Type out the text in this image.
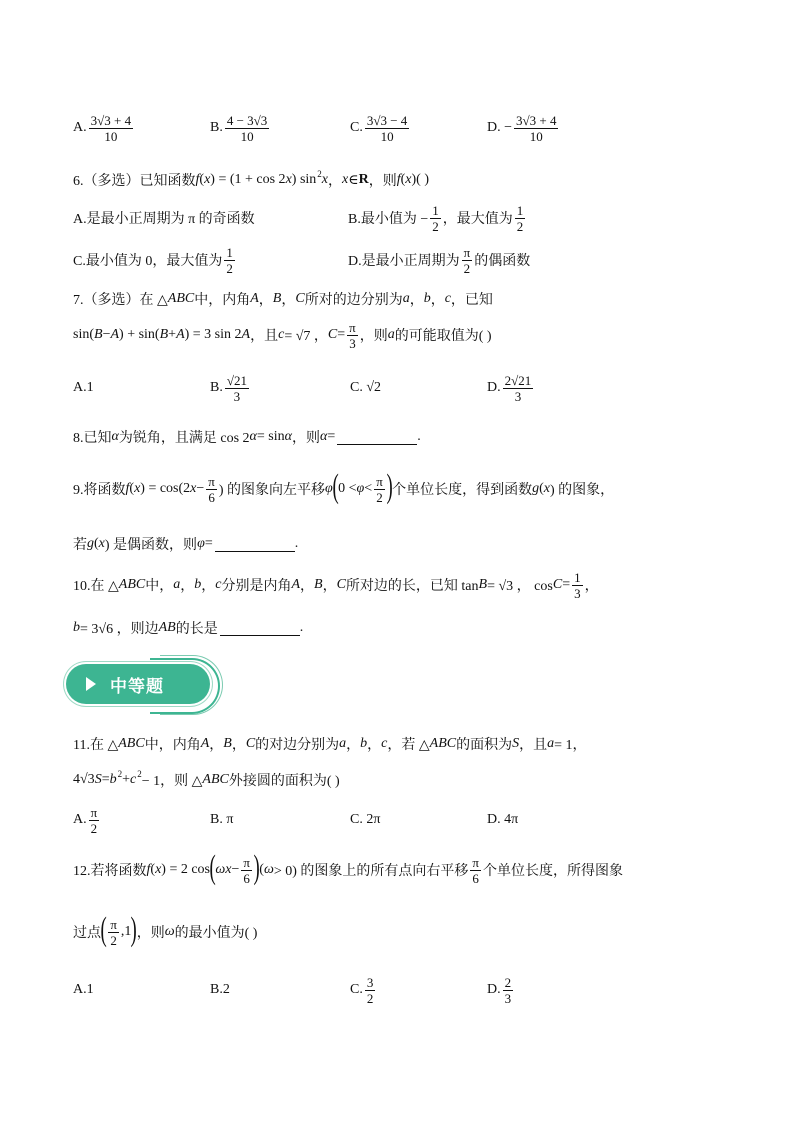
A. $\frac{3√3 + 4}{10}$	B. $\frac{4 - 3√3}{10}$	C. $\frac{3√3 - 4}{10}$	D. − $\frac{3√3 + 4}{10}$
6.（多选）已知函数 f ( x ) = (1 + cos 2 x ) sin 2 x ， x ∈ R ，则 f ( x )( )
A.是最小正周期为 π 的奇函数	B.最小值为 − $\frac{1}{2}$ ，最大值为 $\frac{1}{2}$
C.最小值为 0，最大值为 $\frac{1}{2}$	D.是最小正周期为 $\frac{\pi}{2}$ 的偶函数
7.（多选）在 △ ABC 中，内角 A ， B ， C 所对的边分别为 a ， b ， c ，已知
sin( B − A ) + sin( B + A ) = 3 sin 2 A ，且 c = √7 ， $C = \frac{\pi}{3}$ ，则 a 的可能取值为( )
A.1	B. $\frac{√21}{3}$	C. √2	D. $\frac{2√21}{3}$
8.已知 α 为锐角，且满足 cos 2 α = sin α ，则 α =	.
9.将函数 f ( x ) = cos(2 $x - \frac{\pi}{6}$ ) 的图象向左平移 φ ( $0 < \varphi < \frac{\pi}{2}$ ) 个单位长度，得到函数 g ( x ) 的图象，
若 g ( x ) 是偶函数，则 φ =	.
10.在 △ ABC 中， a ， b ， c 分别是内角 A ， B ， C 所对边的长，已知 tan B = √3 ， $\cos C = \frac{1}{3}$ ，
b = 3√6 ，则边 AB 的长是	.
11.在 △ ABC 中，内角 A ， B ， C 的对边分别为 a ， b ， c ，若 △ ABC 的面积为 S ，且 a = 1，
4√3 S = b 2 + c 2 − 1，则 △ ABC 外接圆的面积为( )
A. $\frac{\pi}{2}$	B. π	C. 2π	D. 4π
12.若将函数 f ( x ) = 2 cos ( $\omega x - \frac{\pi}{6}$ ) ( ω > 0) 的图象上的所有点向右平移 $\frac{\pi}{6}$ 个单位长度，所得图象
过点 ( $\frac{\pi}{2} ,1$ ) ，则 ω 的最小值为( )
A.1	B.2	C. $\frac{3}{2}$	D. $\frac{2}{3}$
中等题
